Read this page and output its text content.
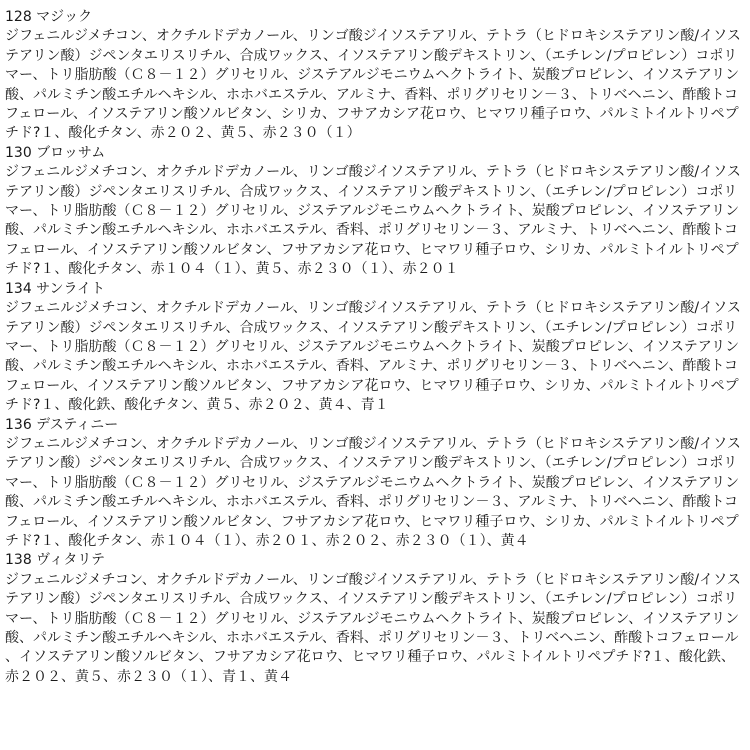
128 マジック

ジフェニルジメチコン、オクチルドデカノール、リンゴ酸ジイソステアリル、テトラ（ヒドロキシステアリン酸/イソステアリン酸）ジペンタエリスリチル、合成ワックス、イソステアリン酸デキストリン、（エチレン/プロピレン）コポリマー、トリ脂肪酸（Ｃ８－１２）グリセリル、ジステアルジモニウムヘクトライト、炭酸プロピレン、イソステアリン酸、パルミチン酸エチルヘキシル、ホホバエステル、アルミナ、香料、ポリグリセリン－３、トリベヘニン、酢酸トコフェロール、イソステアリン酸ソルビタン、シリカ、フサアカシア花ロウ、ヒマワリ種子ロウ、パルミトイルトリペプチド?１、酸化チタン、赤２０２、黄５、赤２３０（１）

130 ブロッサム

ジフェニルジメチコン、オクチルドデカノール、リンゴ酸ジイソステアリル、テトラ（ヒドロキシステアリン酸/イソステアリン酸）ジペンタエリスリチル、合成ワックス、イソステアリン酸デキストリン、（エチレン/プロピレン）コポリマー、トリ脂肪酸（Ｃ８－１２）グリセリル、ジステアルジモニウムヘクトライト、炭酸プロピレン、イソステアリン酸、パルミチン酸エチルヘキシル、ホホバエステル、香料、ポリグリセリン－３、アルミナ、トリベヘニン、酢酸トコフェロール、イソステアリン酸ソルビタン、フサアカシア花ロウ、ヒマワリ種子ロウ、シリカ、パルミトイルトリペプチド?１、酸化チタン、赤１０４（１）、黄５、赤２３０（１）、赤２０１

134 サンライト

ジフェニルジメチコン、オクチルドデカノール、リンゴ酸ジイソステアリル、テトラ（ヒドロキシステアリン酸/イソステアリン酸）ジペンタエリスリチル、合成ワックス、イソステアリン酸デキストリン、（エチレン/プロピレン）コポリマー、トリ脂肪酸（Ｃ８－１２）グリセリル、ジステアルジモニウムヘクトライト、炭酸プロピレン、イソステアリン酸、パルミチン酸エチルヘキシル、ホホバエステル、香料、アルミナ、ポリグリセリン－３、トリベヘニン、酢酸トコフェロール、イソステアリン酸ソルビタン、フサアカシア花ロウ、ヒマワリ種子ロウ、シリカ、パルミトイルトリペプチド?１、酸化鉄、酸化チタン、黄５、赤２０２、黄４、青１

136 デスティニー

ジフェニルジメチコン、オクチルドデカノール、リンゴ酸ジイソステアリル、テトラ（ヒドロキシステアリン酸/イソステアリン酸）ジペンタエリスリチル、合成ワックス、イソステアリン酸デキストリン、（エチレン/プロピレン）コポリマー、トリ脂肪酸（Ｃ８－１２）グリセリル、ジステアルジモニウムヘクトライト、炭酸プロピレン、イソステアリン酸、パルミチン酸エチルヘキシル、ホホバエステル、香料、ポリグリセリン－３、アルミナ、トリベヘニン、酢酸トコフェロール、イソステアリン酸ソルビタン、フサアカシア花ロウ、ヒマワリ種子ロウ、シリカ、パルミトイルトリペプチド?１、酸化チタン、赤１０４（１）、赤２０１、赤２０２、赤２３０（１）、黄４

138 ヴィタリテ

ジフェニルジメチコン、オクチルドデカノール、リンゴ酸ジイソステアリル、テトラ（ヒドロキシステアリン酸/イソステアリン酸）ジペンタエリスリチル、合成ワックス、イソステアリン酸デキストリン、（エチレン/プロピレン）コポリマー、トリ脂肪酸（Ｃ８－１２）グリセリル、ジステアルジモニウムヘクトライト、炭酸プロピレン、イソステアリン酸、パルミチン酸エチルヘキシル、ホホバエステル、香料、ポリグリセリン－３、トリベヘニン、酢酸トコフェロール、イソステアリン酸ソルビタン、フサアカシア花ロウ、ヒマワリ種子ロウ、パルミトイルトリペプチド?１、酸化鉄、赤２０２、黄５、赤２３０（１）、青１、黄４
